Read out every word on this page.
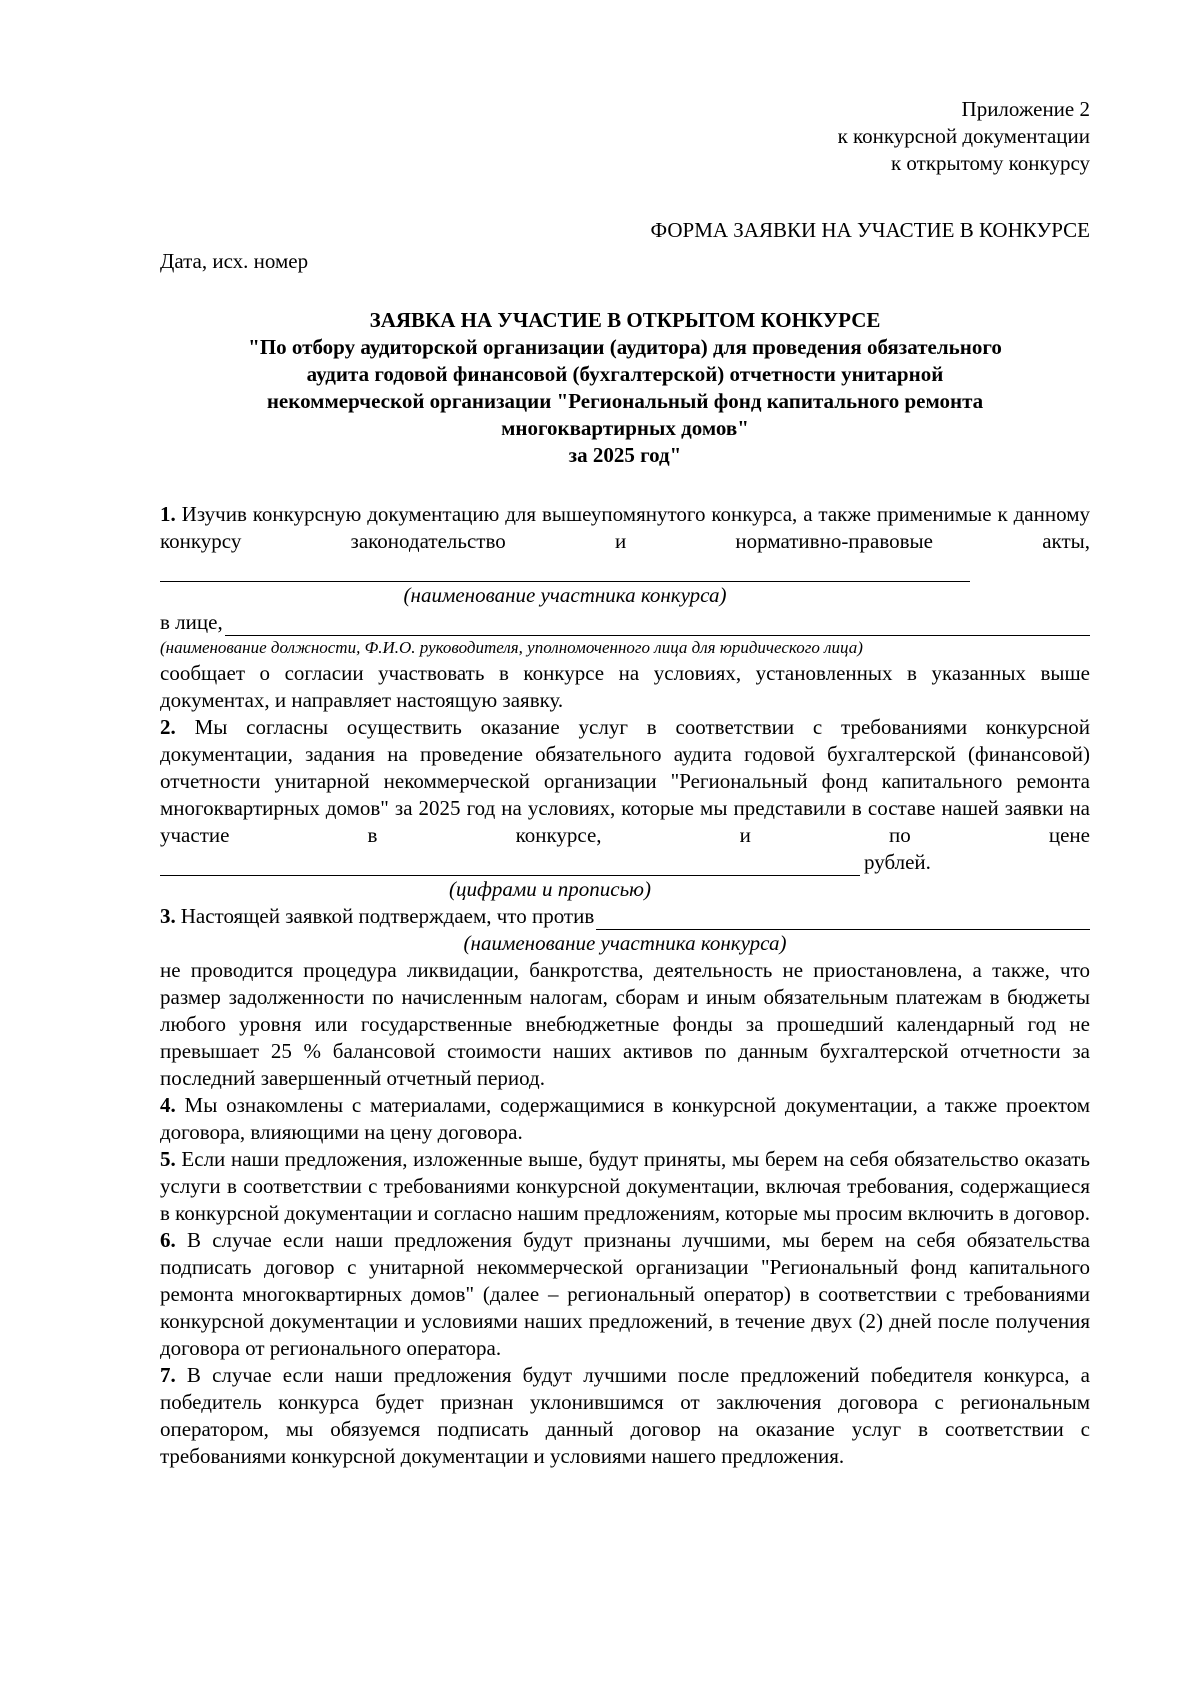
Приложение 2
к конкурсной документации
к открытому конкурсу
ФОРМА ЗАЯВКИ НА УЧАСТИЕ В КОНКУРСЕ
Дата, исх. номер
ЗАЯВКА НА УЧАСТИЕ В ОТКРЫТОМ КОНКУРСЕ
"По отбору аудиторской организации (аудитора) для проведения обязательного
аудита годовой финансовой (бухгалтерской) отчетности унитарной
некоммерческой организации "Региональный фонд капитального ремонта
многоквартирных домов"
за 2025 год"

1. Изучив конкурсную документацию для вышеупомянутого конкурса, а также применимые к данному конкурсу законодательство и нормативно-правовые акты,

(наименование участника конкурса)
в лице,
(наименование должности, Ф.И.О. руководителя, уполномоченного лица для юридического лица)

сообщает о согласии участвовать в конкурсе на условиях, установленных в указанных выше документах, и направляет настоящую заявку.

2. Мы согласны осуществить оказание услуг в соответствии с требованиями конкурсной документации, задания на проведение обязательного аудита годовой бухгалтерской (финансовой) отчетности унитарной некоммерческой организации "Региональный фонд капитального ремонта многоквартирных домов" за 2025 год на условиях, которые мы представили в составе нашей заявки на участие в конкурсе, и по цене

рублей.
(цифрами и прописью)
3. Настоящей заявкой подтверждаем, что против
(наименование участника конкурса)

не проводится процедура ликвидации, банкротства, деятельность не приостановлена, а также, что размер задолженности по начисленным налогам, сборам и иным обязательным платежам в бюджеты любого уровня или государственные внебюджетные фонды за прошедший календарный год не превышает 25 % балансовой стоимости наших активов по данным бухгалтерской отчетности за последний завершенный отчетный период.

4. Мы ознакомлены с материалами, содержащимися в конкурсной документации, а также проектом договора, влияющими на цену договора.

5. Если наши предложения, изложенные выше, будут приняты, мы берем на себя обязательство оказать услуги в соответствии с требованиями конкурсной документации, включая требования, содержащиеся в конкурсной документации и согласно нашим предложениям, которые мы просим включить в договор.

6. В случае если наши предложения будут признаны лучшими, мы берем на себя обязательства подписать договор с унитарной некоммерческой организации "Региональный фонд капитального ремонта многоквартирных домов" (далее – региональный оператор) в соответствии с требованиями конкурсной документации и условиями наших предложений, в течение двух (2) дней после получения договора от регионального оператора.

7. В случае если наши предложения будут лучшими после предложений победителя конкурса, а победитель конкурса будет признан уклонившимся от заключения договора с региональным оператором, мы обязуемся подписать данный договор на оказание услуг в соответствии с требованиями конкурсной документации и условиями нашего предложения.
